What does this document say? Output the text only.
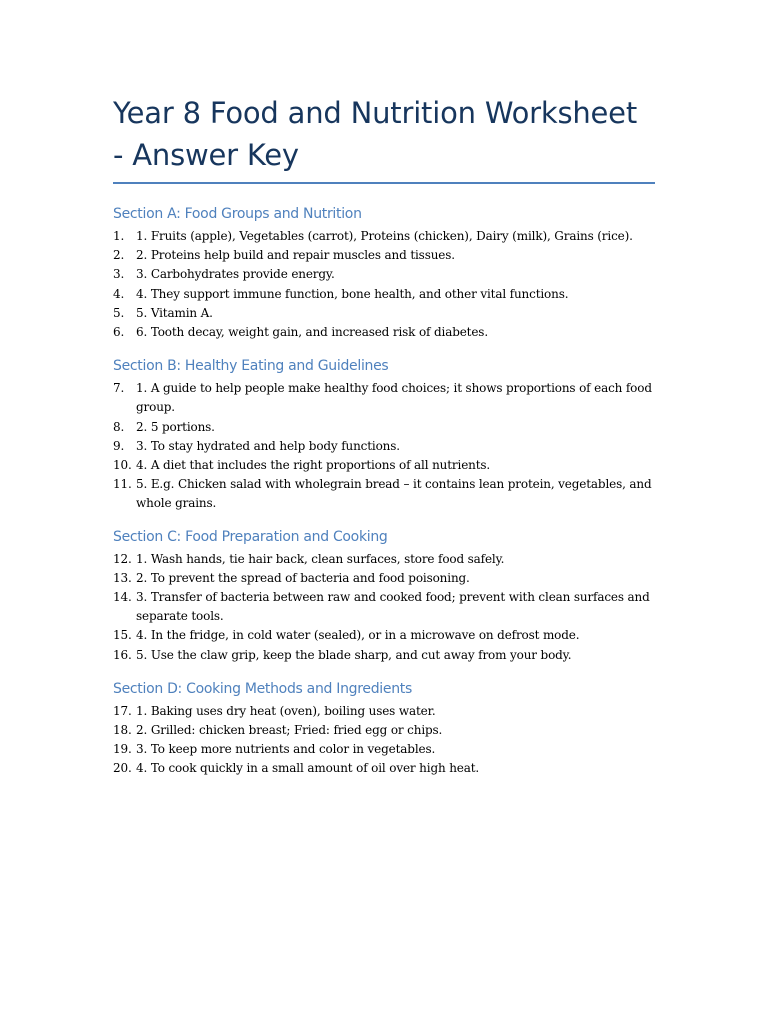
Year 8 Food and Nutrition Worksheet - Answer Key
Section A: Food Groups and Nutrition
1. 1. Fruits (apple), Vegetables (carrot), Proteins (chicken), Dairy (milk), Grains (rice).
2. 2. Proteins help build and repair muscles and tissues.
3. 3. Carbohydrates provide energy.
4. 4. They support immune function, bone health, and other vital functions.
5. 5. Vitamin A.
6. 6. Tooth decay, weight gain, and increased risk of diabetes.
Section B: Healthy Eating and Guidelines
7. 1. A guide to help people make healthy food choices; it shows proportions of each food group.
8. 2. 5 portions.
9. 3. To stay hydrated and help body functions.
10. 4. A diet that includes the right proportions of all nutrients.
11. 5. E.g. Chicken salad with wholegrain bread – it contains lean protein, vegetables, and whole grains.
Section C: Food Preparation and Cooking
12. 1. Wash hands, tie hair back, clean surfaces, store food safely.
13. 2. To prevent the spread of bacteria and food poisoning.
14. 3. Transfer of bacteria between raw and cooked food; prevent with clean surfaces and separate tools.
15. 4. In the fridge, in cold water (sealed), or in a microwave on defrost mode.
16. 5. Use the claw grip, keep the blade sharp, and cut away from your body.
Section D: Cooking Methods and Ingredients
17. 1. Baking uses dry heat (oven), boiling uses water.
18. 2. Grilled: chicken breast; Fried: fried egg or chips.
19. 3. To keep more nutrients and color in vegetables.
20. 4. To cook quickly in a small amount of oil over high heat.
